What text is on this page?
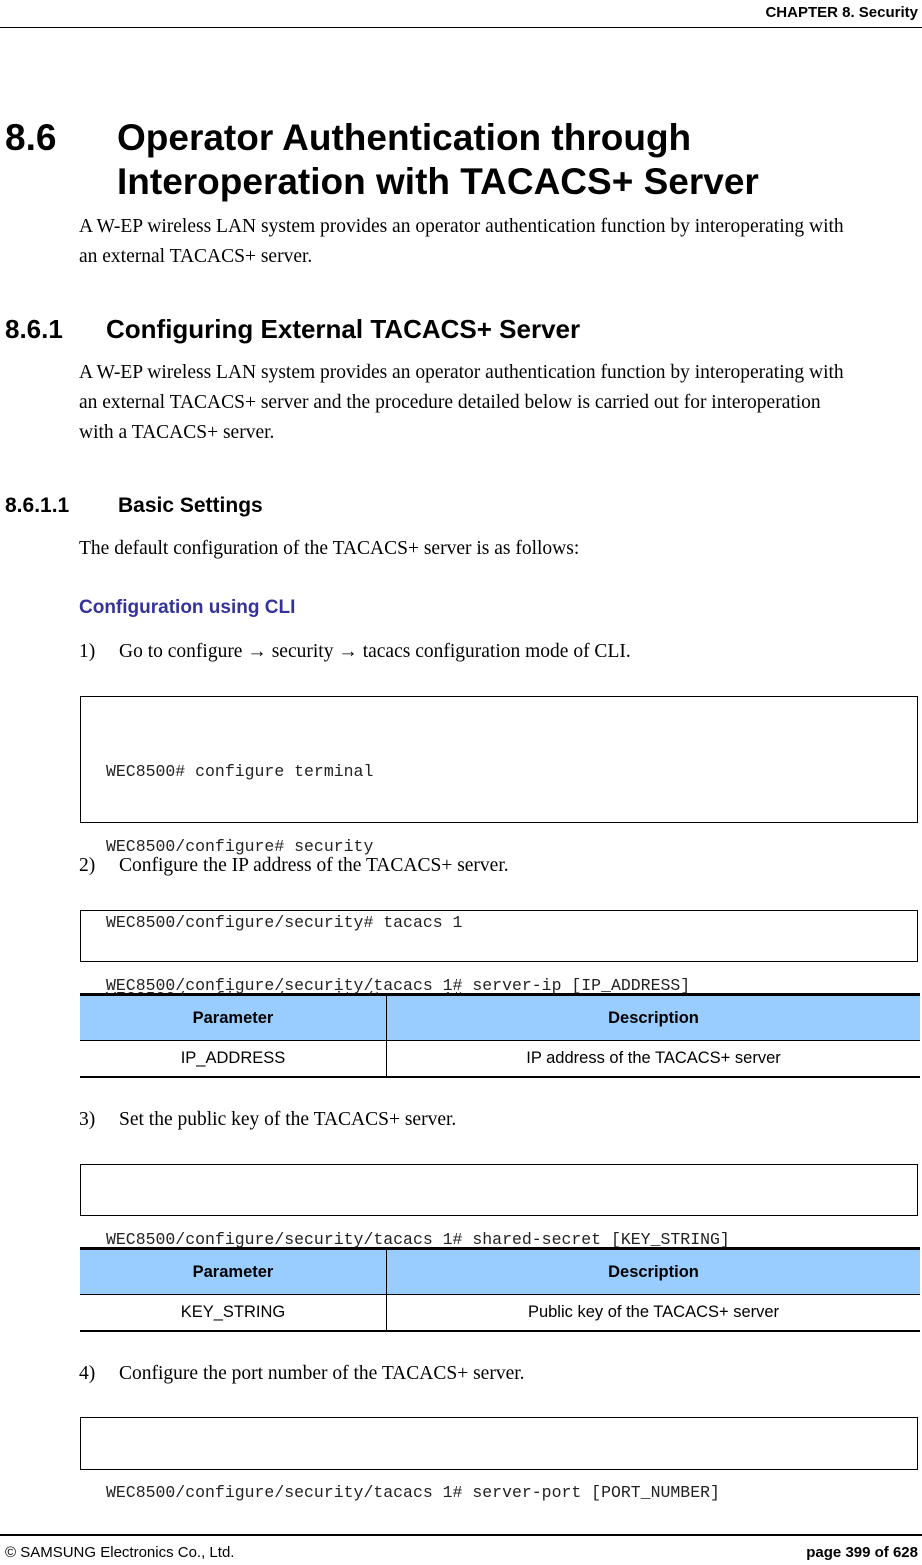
CHAPTER 8. Security
8.6	Operator Authentication through Interoperation with TACACS+ Server
A W-EP wireless LAN system provides an operator authentication function by interoperating with an external TACACS+ server.
8.6.1 Configuring External TACACS+ Server
A W-EP wireless LAN system provides an operator authentication function by interoperating with an external TACACS+ server and the procedure detailed below is carried out for interoperation with a TACACS+ server.
8.6.1.1 Basic Settings
The default configuration of the TACACS+ server is as follows:
Configuration using CLI
1) Go to configure → security → tacacs configuration mode of CLI.

WEC8500# configure terminal

WEC8500/configure# security

WEC8500/configure/security# tacacs 1

2) Configure the IP address of the TACACS+ server.

WEC8500/configure/security/tacacs 1# server-ip [IP_ADDRESS]

Parameter	Description
IP_ADDRESS	IP address of the TACACS+ server
3) Set the public key of the TACACS+ server.

WEC8500/configure/security/tacacs 1# shared-secret [KEY_STRING]

Parameter	Description
KEY_STRING	Public key of the TACACS+ server
4) Configure the port number of the TACACS+ server.

WEC8500/configure/security/tacacs 1# server-port [PORT_NUMBER]

© SAMSUNG Electronics Co., Ltd.	page 399 of 628
